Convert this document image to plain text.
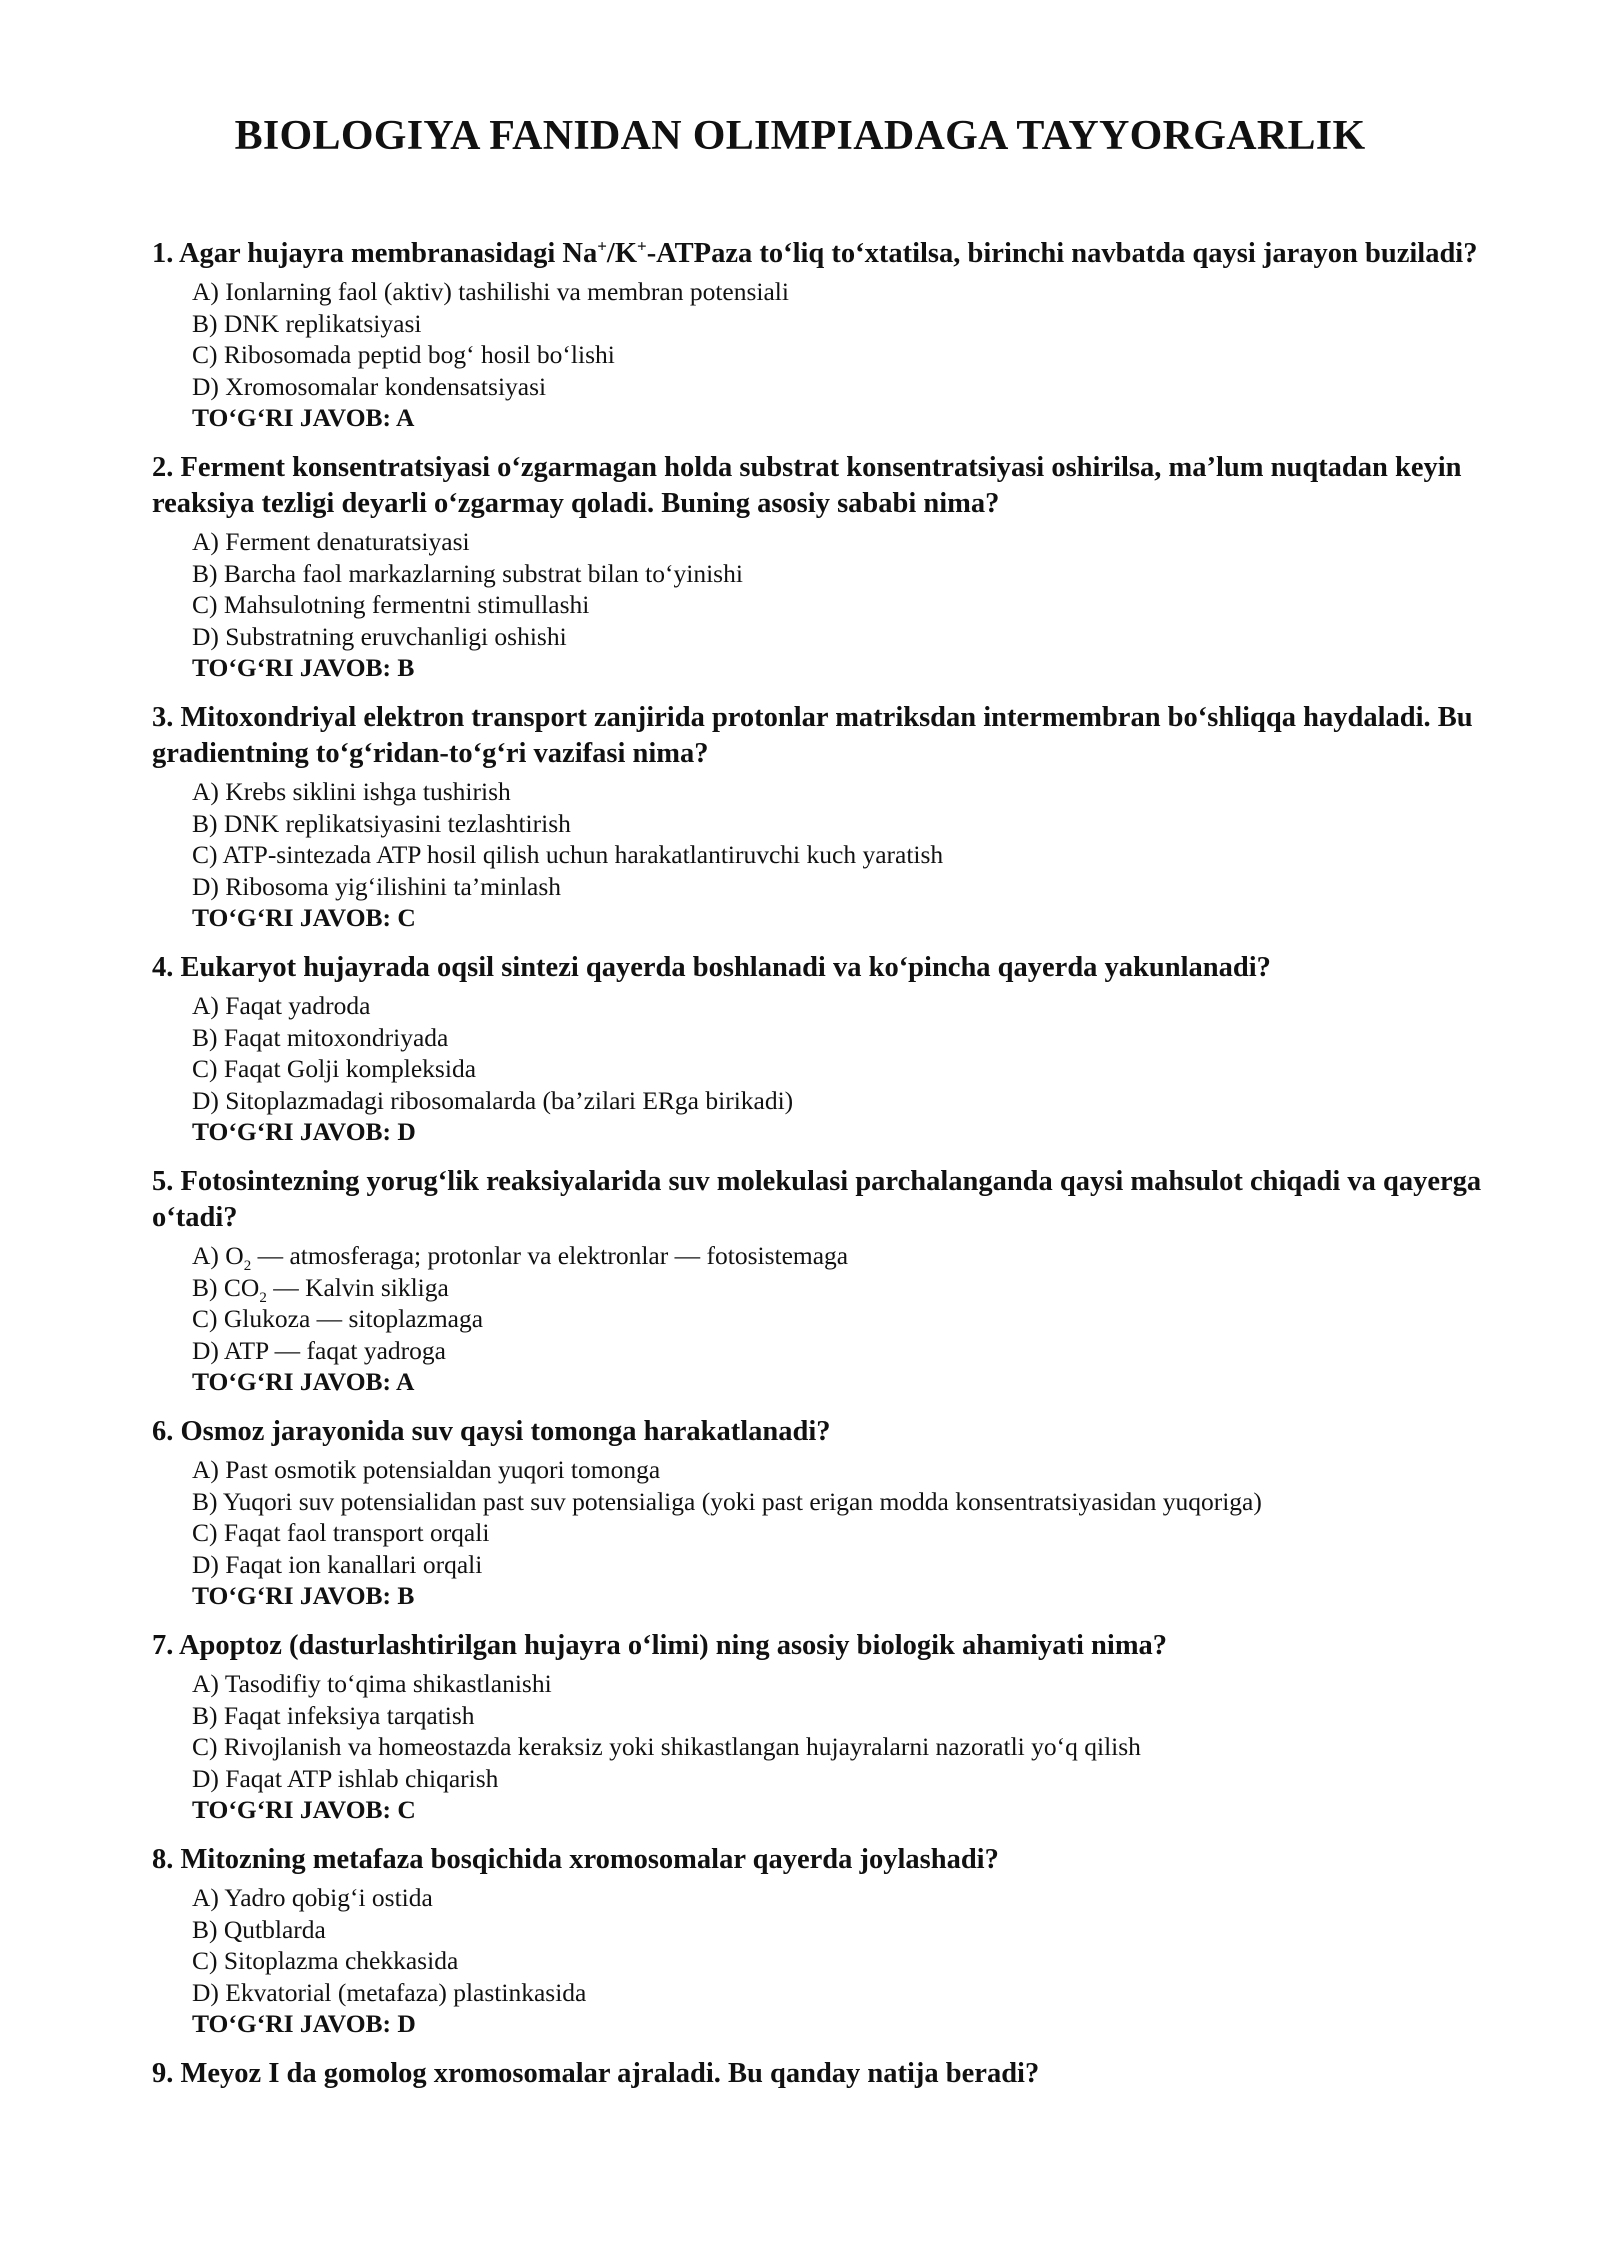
BIOLOGIYA FANIDAN OLIMPIADAGA TAYYORGARLIK

1. Agar hujayra membranasidagi Na+/K+-ATPaza to‘liq to‘xtatilsa, birinchi navbatda qaysi jarayon buziladi?

A) Ionlarning faol (aktiv) tashilishi va membran potensiali
B) DNK replikatsiyasi
C) Ribosomada peptid bog‘ hosil bo‘lishi
D) Xromosomalar kondensatsiyasi

TO‘G‘RI JAVOB: A

2. Ferment konsentratsiyasi o‘zgarmagan holda substrat konsentratsiyasi oshirilsa, ma’lum nuqtadan keyin reaksiya tezligi deyarli o‘zgarmay qoladi. Buning asosiy sababi nima?

A) Ferment denaturatsiyasi
B) Barcha faol markazlarning substrat bilan to‘yinishi
C) Mahsulotning fermentni stimullashi
D) Substratning eruvchanligi oshishi

TO‘G‘RI JAVOB: B

3. Mitoxondriyal elektron transport zanjirida protonlar matriksdan intermembran bo‘shliqqa haydaladi. Bu gradientning to‘g‘ridan-to‘g‘ri vazifasi nima?

A) Krebs siklini ishga tushirish
B) DNK replikatsiyasini tezlashtirish
C) ATP-sintezada ATP hosil qilish uchun harakatlantiruvchi kuch yaratish
D) Ribosoma yig‘ilishini ta’minlash

TO‘G‘RI JAVOB: C

4. Eukaryot hujayrada oqsil sintezi qayerda boshlanadi va ko‘pincha qayerda yakunlanadi?

A) Faqat yadroda
B) Faqat mitoxondriyada
C) Faqat Golji kompleksida
D) Sitoplazmadagi ribosomalarda (ba’zilari ERga birikadi)

TO‘G‘RI JAVOB: D

5. Fotosintezning yorug‘lik reaksiyalarida suv molekulasi parchalanganda qaysi mahsulot chiqadi va qayerga o‘tadi?

A) $O_2$ — atmosferaga; protonlar va elektronlar — fotosistemaga
B) $CO_2$ — Kalvin sikliga
C) Glukoza — sitoplazmaga
D) ATP — faqat yadroga

TO‘G‘RI JAVOB: A

6. Osmoz jarayonida suv qaysi tomonga harakatlanadi?

A) Past osmotik potensialdan yuqori tomonga
B) Yuqori suv potensialidan past suv potensialiga (yoki past erigan modda konsentratsiyasidan yuqoriga)
C) Faqat faol transport orqali
D) Faqat ion kanallari orqali

TO‘G‘RI JAVOB: B

7. Apoptoz (dasturlashtirilgan hujayra o‘limi) ning asosiy biologik ahamiyati nima?

A) Tasodifiy to‘qima shikastlanishi
B) Faqat infeksiya tarqatish
C) Rivojlanish va homeostazda keraksiz yoki shikastlangan hujayralarni nazoratli yo‘q qilish
D) Faqat ATP ishlab chiqarish

TO‘G‘RI JAVOB: C

8. Mitozning metafaza bosqichida xromosomalar qayerda joylashadi?

A) Yadro qobig‘i ostida
B) Qutblarda
C) Sitoplazma chekkasida
D) Ekvatorial (metafaza) plastinkasida

TO‘G‘RI JAVOB: D

9. Meyoz I da gomolog xromosomalar ajraladi. Bu qanday natija beradi?
